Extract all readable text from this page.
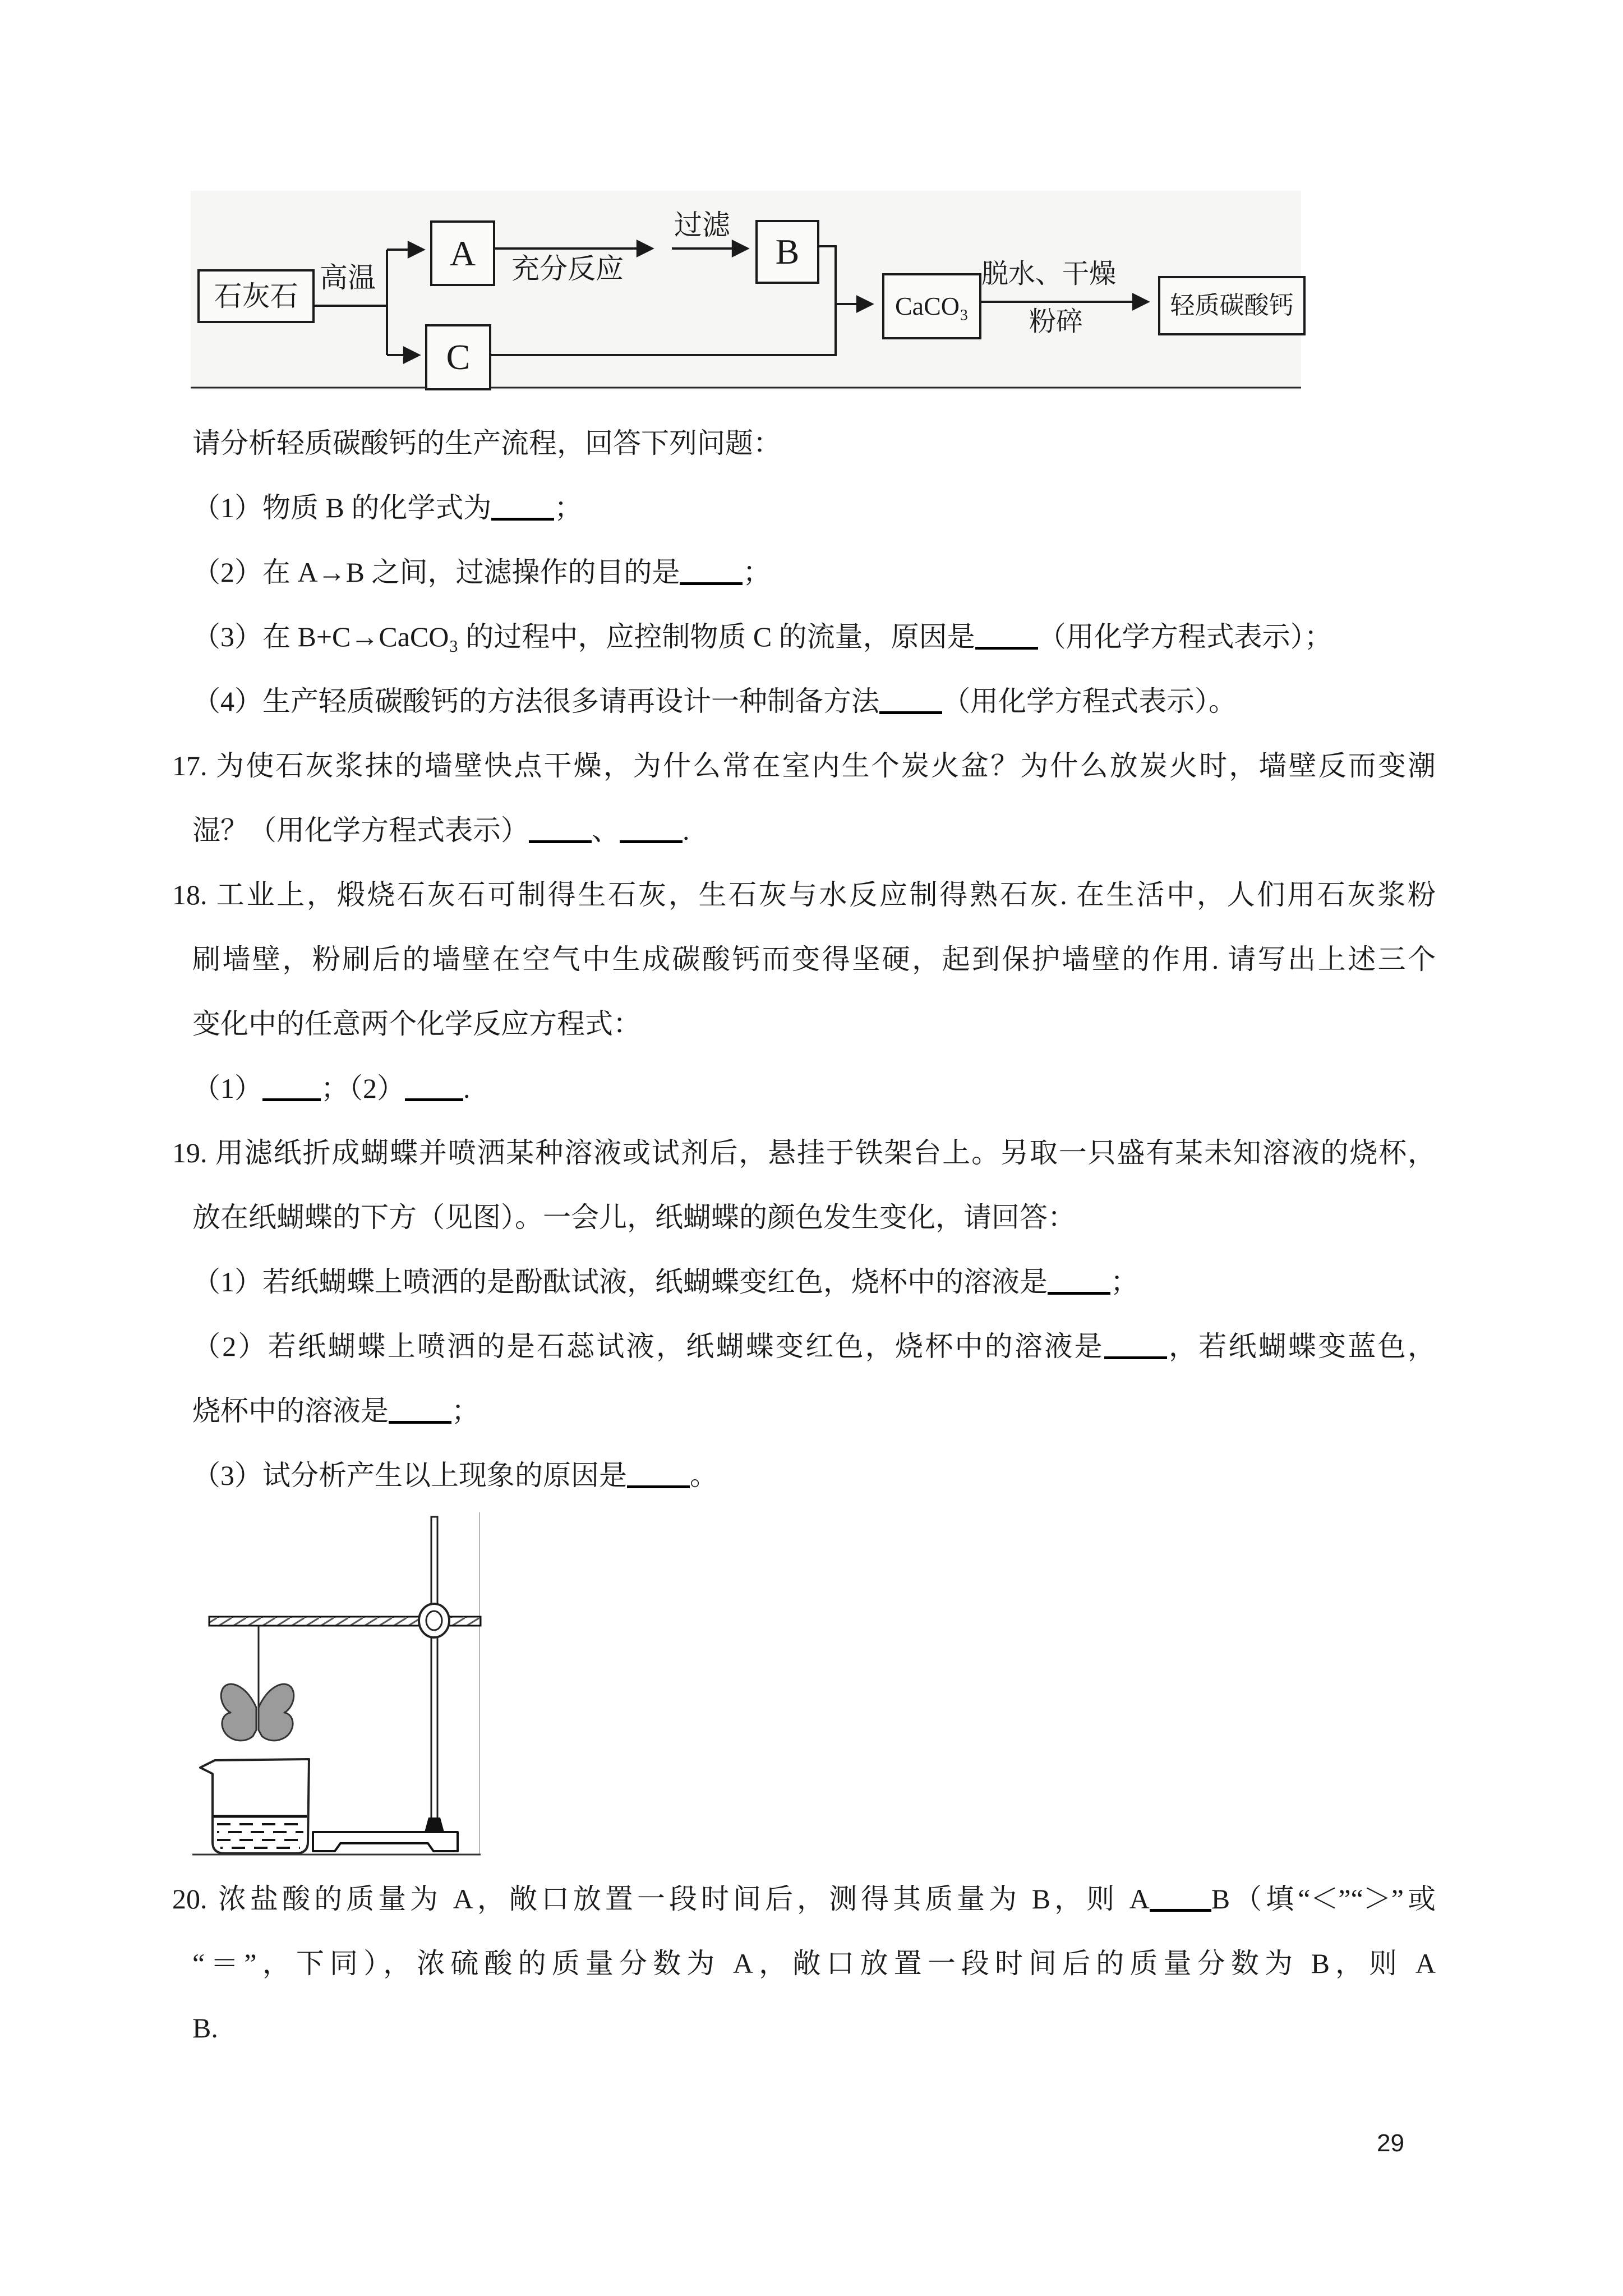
石灰石
A
C
B
CaCO₃	轻质碳酸钙
高温	充分反应
过滤
脱水、干燥
粉碎
请分析轻质碳酸钙的生产流程，回答下列问题：
（1）物质 B 的化学式为 ；
（2）在 A→B 之间，过滤操作的目的是 ；
（3）在 B+C→CaCO₃ 的过程中，应控制物质 C 的流量，原因是 （用化学方程式表示）；
（4）生产轻质碳酸钙的方法很多请再设计一种制备方法 （用化学方程式表示）。
17. 为使石灰浆抹的墙壁快点干燥，为什么常在室内生个炭火盆？为什么放炭火时，墙壁反而变潮
湿？（用化学方程式表示） 、 .
18. 工业上，煅烧石灰石可制得生石灰，生石灰与水反应制得熟石灰. 在生活中，人们用石灰浆粉
刷墙壁，粉刷后的墙壁在空气中生成碳酸钙而变得坚硬，起到保护墙壁的作用. 请写出上述三个
变化中的任意两个化学反应方程式：
（1） ；（2） .
19. 用滤纸折成蝴蝶并喷洒某种溶液或试剂后，悬挂于铁架台上。另取一只盛有某未知溶液的烧杯，
放在纸蝴蝶的下方（见图）。一会儿，纸蝴蝶的颜色发生变化，请回答：
（1）若纸蝴蝶上喷洒的是酚酞试液，纸蝴蝶变红色，烧杯中的溶液是 ；
（2）若纸蝴蝶上喷洒的是石蕊试液，纸蝴蝶变红色，烧杯中的溶液是 ，若纸蝴蝶变蓝色，
烧杯中的溶液是 ；
（3）试分析产生以上现象的原因是 。
20. 浓盐酸的质量为 A，敞口放置一段时间后，测得其质量为 B，则 A B（填“＜”“＞”或
“＝”，下同），浓硫酸的质量分数为 A，敞口放置一段时间后的质量分数为 B，则 A
B.
29
